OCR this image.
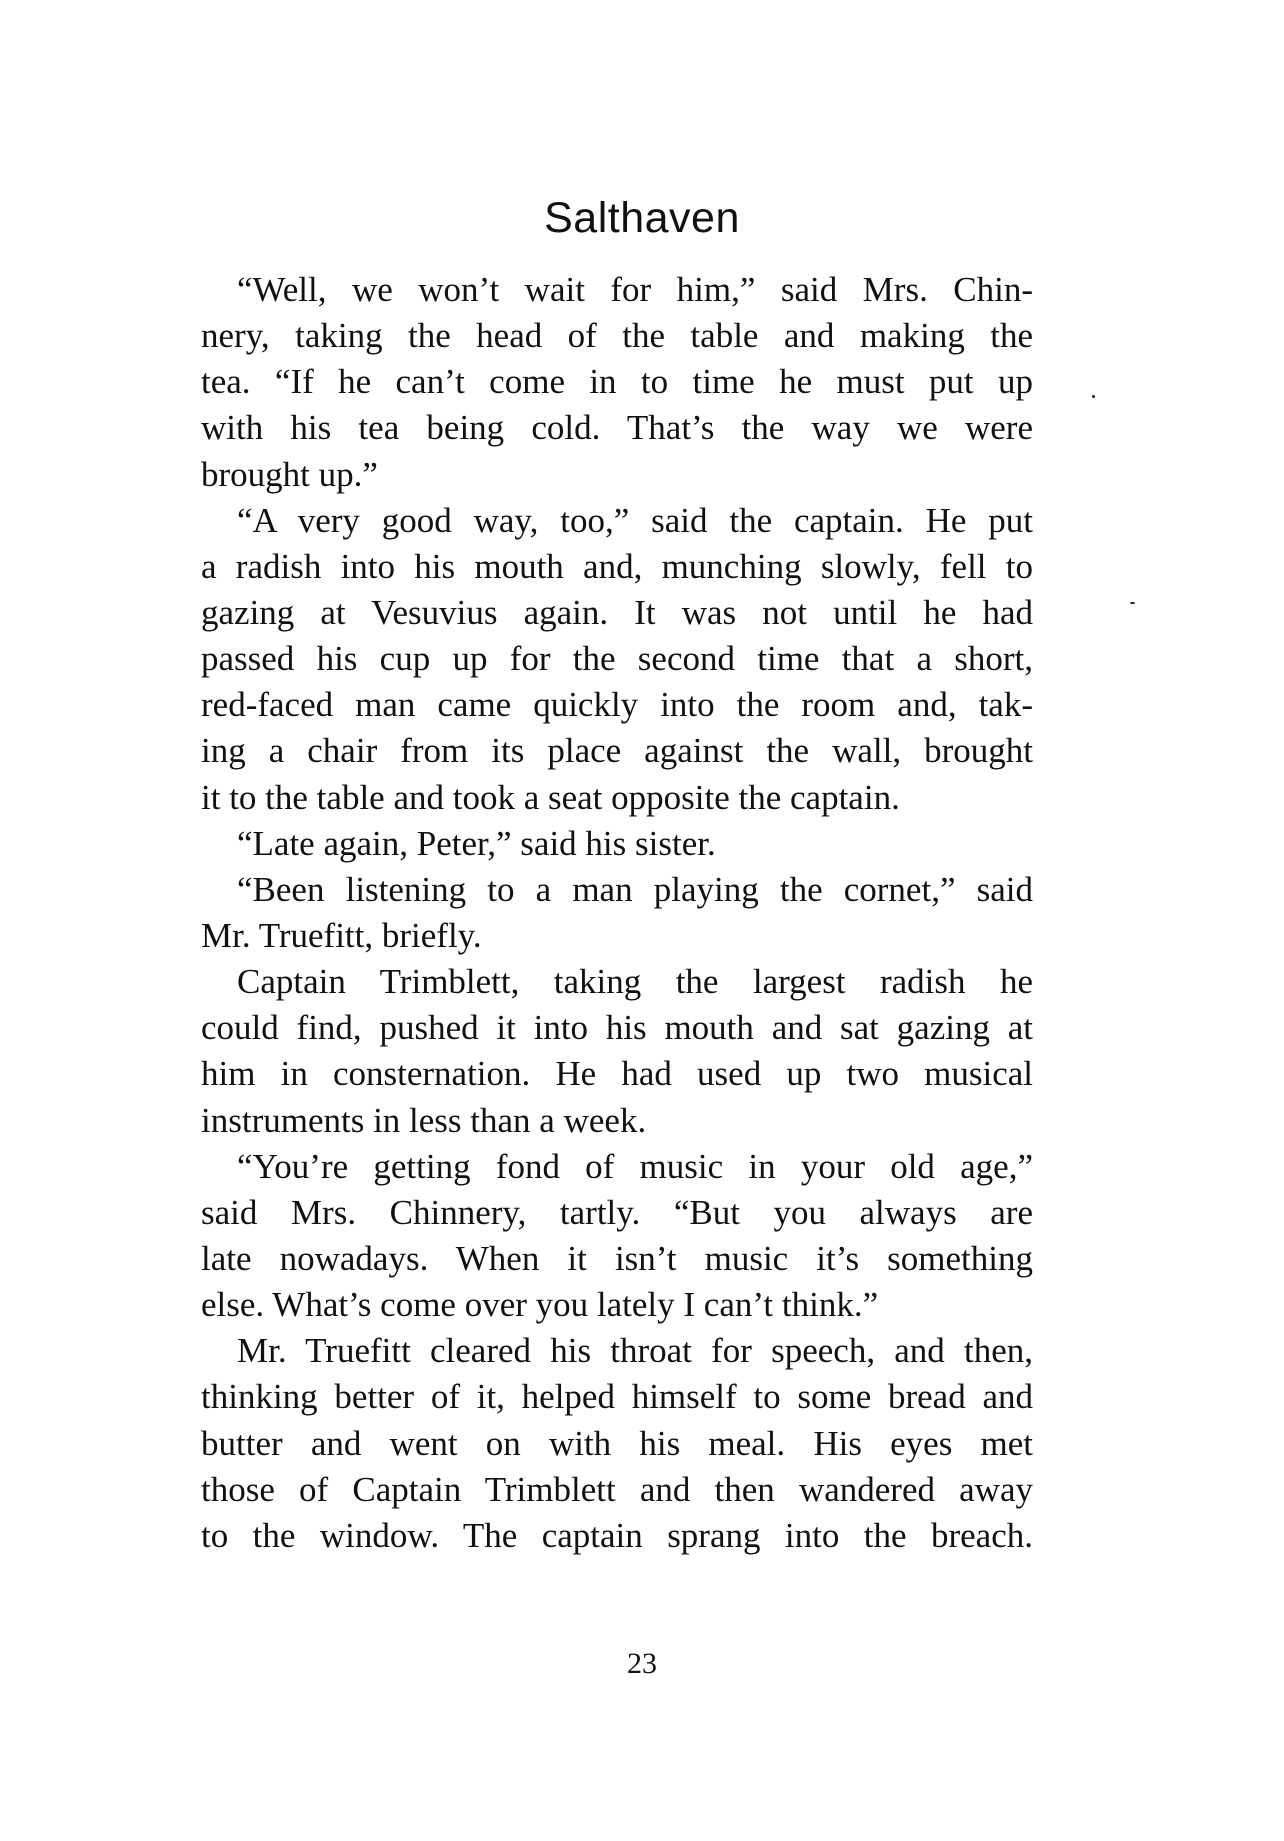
Salthaven
“Well, we won’t wait for him,” said Mrs. Chin-
nery, taking the head of the table and making the
tea. “If he can’t come in to time he must put up
with his tea being cold. That’s the way we were
brought up.”
“A very good way, too,” said the captain. He put
a radish into his mouth and, munching slowly, fell to
gazing at Vesuvius again. It was not until he had
passed his cup up for the second time that a short,
red-faced man came quickly into the room and, tak-
ing a chair from its place against the wall, brought
it to the table and took a seat opposite the captain.
“Late again, Peter,” said his sister.
“Been listening to a man playing the cornet,” said
Mr. Truefitt, briefly.
Captain Trimblett, taking the largest radish he
could find, pushed it into his mouth and sat gazing at
him in consternation. He had used up two musical
instruments in less than a week.
“You’re getting fond of music in your old age,”
said Mrs. Chinnery, tartly. “But you always are
late nowadays. When it isn’t music it’s something
else. What’s come over you lately I can’t think.”
Mr. Truefitt cleared his throat for speech, and then,
thinking better of it, helped himself to some bread and
butter and went on with his meal. His eyes met
those of Captain Trimblett and then wandered away
to the window. The captain sprang into the breach.
23
